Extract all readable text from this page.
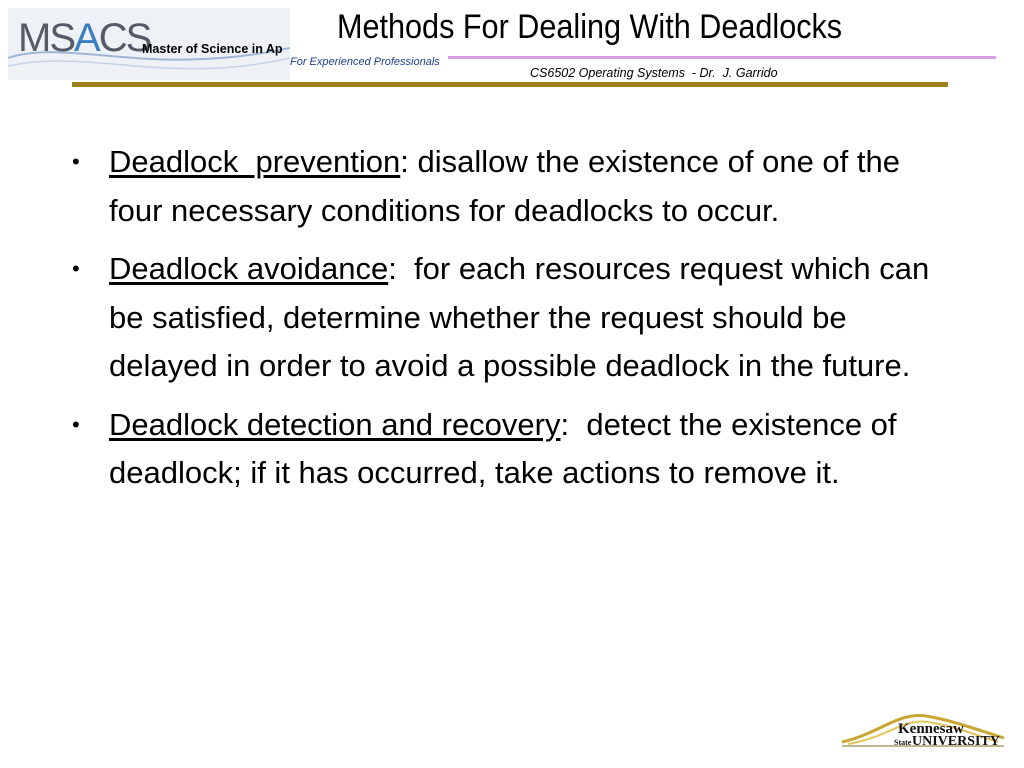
MSACS
Master of Science in Ap
For Experienced Professionals
Methods For Dealing With Deadlocks
CS6502 Operating Systems  - Dr.  J. Garrido
• Deadlock  prevention: disallow the existence of one of the four necessary conditions for deadlocks to occur.
• Deadlock avoidance:  for each resources request which can be satisfied, determine whether the request should be delayed in order to avoid a possible deadlock in the future.
• Deadlock detection and recovery:  detect the existence of deadlock; if it has occurred, take actions to remove it.
Kennesaw
State UNIVERSITY
